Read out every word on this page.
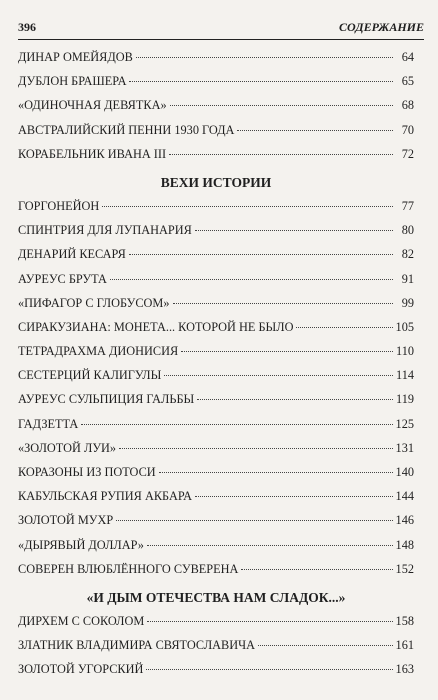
396	СОДЕРЖАНИЕ
ДИНАР ОМЕЙЯДОВ	64
ДУБЛОН БРАШЕРА	65
«ОДИНОЧНАЯ ДЕВЯТКА»	68
АВСТРАЛИЙСКИЙ ПЕННИ 1930 ГОДА	70
КОРАБЕЛЬНИК ИВАНА III	72
ВЕХИ ИСТОРИИ
ГОРГОНЕЙОН	77
СПИНТРИЯ ДЛЯ ЛУПАНАРИЯ	80
ДЕНАРИЙ КЕСАРЯ	82
АУРЕУС БРУТА	91
«ПИФАГОР С ГЛОБУСОМ»	99
СИРАКУЗИАНА: МОНЕТА... КОТОРОЙ НЕ БЫЛО	105
ТЕТРАДРАХМА ДИОНИСИЯ	110
СЕСТЕРЦИЙ КАЛИГУЛЫ	114
АУРЕУС СУЛЬПИЦИЯ ГАЛЬБЫ	119
ГАДЗЕТТА	125
«ЗОЛОТОЙ ЛУИ»	131
КОРАЗОНЫ ИЗ ПОТОСИ	140
КАБУЛЬСКАЯ РУПИЯ АКБАРА	144
ЗОЛОТОЙ МУХР	146
«ДЫРЯВЫЙ ДОЛЛАР»	148
СОВЕРЕН ВЛЮБЛЁННОГО СУВЕРЕНА	152
«И ДЫМ ОТЕЧЕСТВА НАМ СЛАДОК...»
ДИРХЕМ С СОКОЛОМ	158
ЗЛАТНИК ВЛАДИМИРА СВЯТОСЛАВИЧА	161
ЗОЛОТОЙ УГОРСКИЙ	163
